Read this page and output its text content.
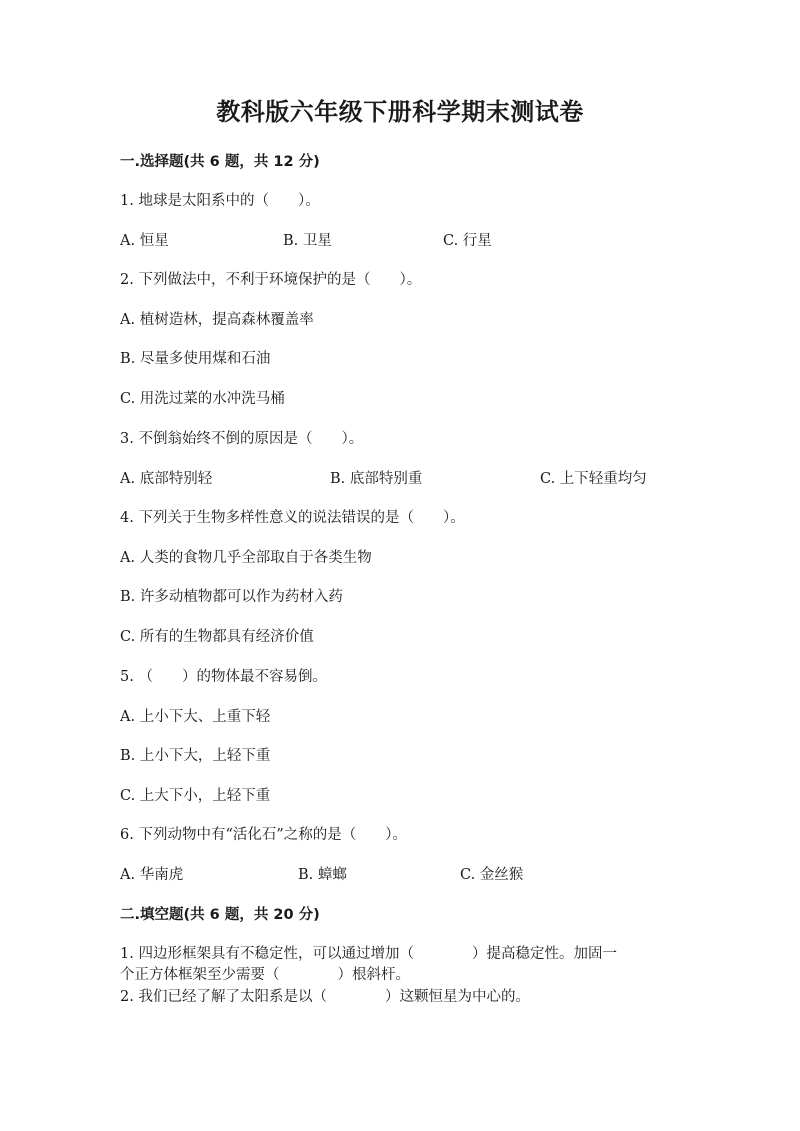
教科版六年级下册科学期末测试卷
一.选择题(共 6 题，共 12 分)
1. 地球是太阳系中的（　　）。
A. 恒星	B. 卫星	C. 行星
2. 下列做法中，不利于环境保护的是（　　）。
A. 植树造林，提高森林覆盖率
B. 尽量多使用煤和石油
C. 用洗过菜的水冲洗马桶
3. 不倒翁始终不倒的原因是（　　）。
A. 底部特别轻	B. 底部特别重	C. 上下轻重均匀
4. 下列关于生物多样性意义的说法错误的是（　　）。
A. 人类的食物几乎全部取自于各类生物
B. 许多动植物都可以作为药材入药
C. 所有的生物都具有经济价值
5. （　　）的物体最不容易倒。
A. 上小下大、上重下轻
B. 上小下大，上轻下重
C. 上大下小，上轻下重
6. 下列动物中有“活化石”之称的是（　　）。
A. 华南虎	B. 蟑螂	C. 金丝猴
二.填空题(共 6 题，共 20 分)
1. 四边形框架具有不稳定性，可以通过增加（　　　　）提高稳定性。加固一
个正方体框架至少需要（　　　　）根斜杆。
2. 我们已经了解了太阳系是以（　　　　）这颗恒星为中心的。
